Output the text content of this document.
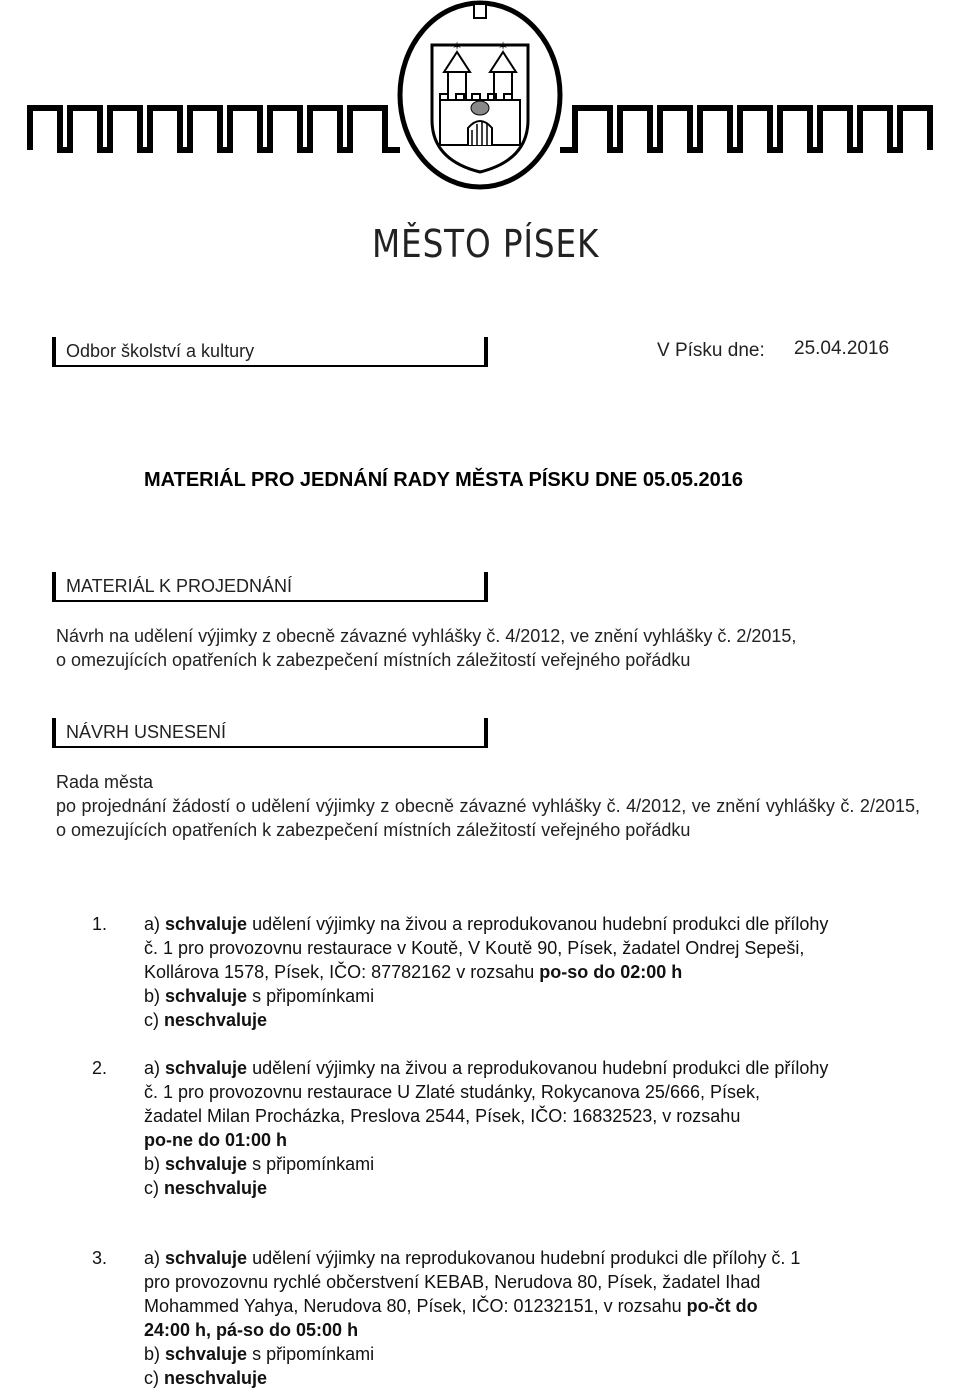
✶	✶
MĚSTO PÍSEK
Odbor školství a kultury	V Písku dne: 25.04.2016
MATERIÁL PRO JEDNÁNÍ RADY MĚSTA PÍSKU DNE 05.05.2016
MATERIÁL K PROJEDNÁNÍ
Návrh na udělení výjimky z obecně závazné vyhlášky č. 4/2012, ve znění vyhlášky č. 2/2015,
o omezujících opatřeních k zabezpečení místních záležitostí veřejného pořádku
NÁVRH USNESENÍ
Rada města
po projednání žádostí o udělení výjimky z obecně závazné vyhlášky č. 4/2012, ve znění vyhlášky č. 2/2015, o omezujících opatřeních k zabezpečení místních záležitostí veřejného pořádku
1. a) schvaluje udělení výjimky na živou a reprodukovanou hudební produkci dle přílohy
č. 1 pro provozovnu restaurace v Koutě, V Koutě 90, Písek, žadatel Ondrej Sepeši,
Kollárova 1578, Písek, IČO: 87782162 v rozsahu po-so do 02:00 h
b) schvaluje s připomínkami
c) neschvaluje
2. a) schvaluje udělení výjimky na živou a reprodukovanou hudební produkci dle přílohy
č. 1 pro provozovnu restaurace U Zlaté studánky, Rokycanova 25/666, Písek,
žadatel Milan Procházka, Preslova 2544, Písek, IČO: 16832523, v rozsahu
po-ne do 01:00 h
b) schvaluje s připomínkami
c) neschvaluje
3. a) schvaluje udělení výjimky na reprodukovanou hudební produkci dle přílohy č. 1
pro provozovnu rychlé občerstvení KEBAB, Nerudova 80, Písek, žadatel Ihad
Mohammed Yahya, Nerudova 80, Písek, IČO: 01232151, v rozsahu po-čt do
24:00 h, pá-so do 05:00 h
b) schvaluje s připomínkami
c) neschvaluje
